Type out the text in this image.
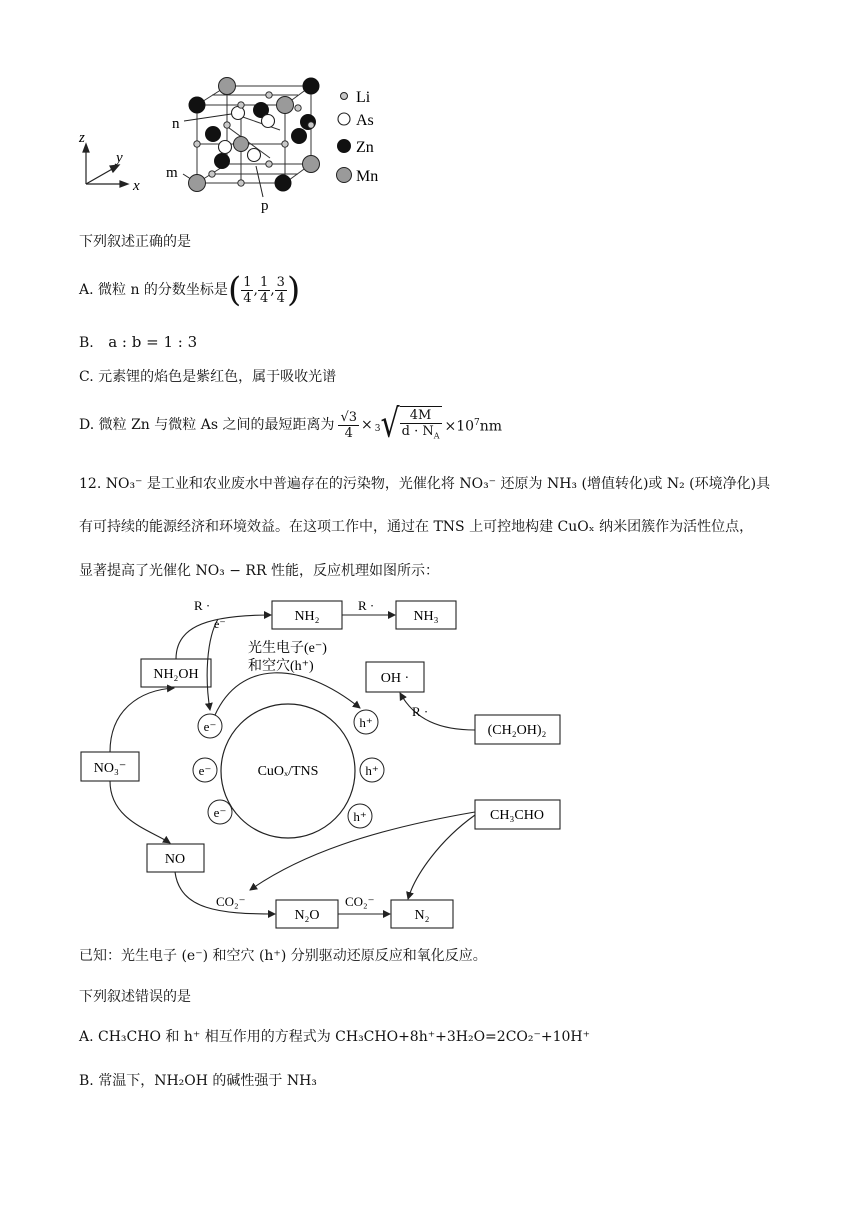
z
y
x
n
m
p
Li
As
Zn
Mn
下列叙述正确的是
A. 微粒 n 的分数坐标是 ( $\frac{1}{4}$ , $\frac{1}{4}$ , $\frac{3}{4}$ )
B. a : b = 1 : 3
C. 元素锂的焰色是紫红色，属于吸收光谱
D. 微粒 Zn 与微粒 As 之间的最短距离为 $\frac{√3}{4} \times 3$ √ $\frac{4M}{d \cdot N_A} \times 10^7nm$
12. NO₃⁻ 是工业和农业废水中普遍存在的污染物，光催化将 NO₃⁻ 还原为 NH₃ (增值转化)或 N₂ (环境净化)具
有可持续的能源经济和环境效益。在这项工作中，通过在 TNS 上可控地构建 CuOₓ 纳米团簇作为活性位点，
显著提高了光催化 NO₃ − RR 性能，反应机理如图所示：
NH₂	NH₃
NH₂OH
NO₃⁻
NO
N₂O	N₂
OH ·
(CH₂OH)₂
CH₃CHO
R ·
e⁻
R ·
R ·
CO₂⁻	CO₂⁻
光生电子(e⁻)
和空穴(h⁺)
CuOₓ/TNS
e⁻
e⁻
e⁻
h⁺
h⁺
h⁺
已知：光生电子 (e⁻) 和空穴 (h⁺) 分别驱动还原反应和氧化反应。
下列叙述错误的是
A. CH₃CHO 和 h⁺ 相互作用的方程式为 CH₃CHO+8h⁺+3H₂O=2CO₂⁻+10H⁺
B. 常温下，NH₂OH 的碱性强于 NH₃
